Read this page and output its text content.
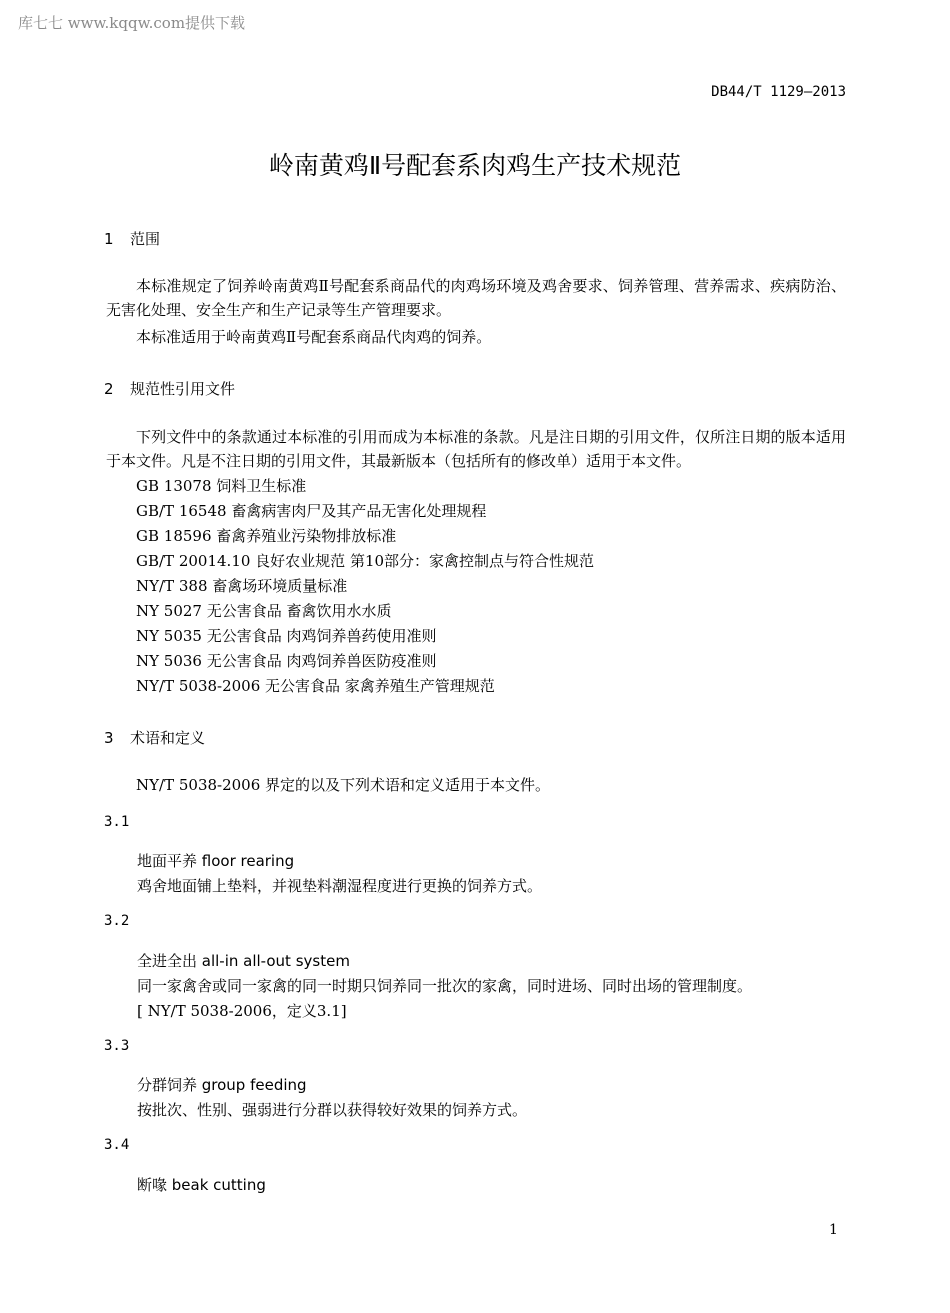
库七七 www.kqqw.com提供下载
DB44/T 1129—2013
岭南黄鸡Ⅱ号配套系肉鸡生产技术规范
1 范围
本标准规定了饲养岭南黄鸡Ⅱ号配套系商品代的肉鸡场环境及鸡舍要求、饲养管理、营养需求、疾病防治、无害化处理、安全生产和生产记录等生产管理要求。
本标准适用于岭南黄鸡Ⅱ号配套系商品代肉鸡的饲养。
2 规范性引用文件
下列文件中的条款通过本标准的引用而成为本标准的条款。凡是注日期的引用文件，仅所注日期的版本适用于本文件。凡是不注日期的引用文件，其最新版本（包括所有的修改单）适用于本文件。
GB 13078 饲料卫生标准
GB/T 16548 畜禽病害肉尸及其产品无害化处理规程
GB 18596 畜禽养殖业污染物排放标准
GB/T 20014.10 良好农业规范 第10部分：家禽控制点与符合性规范
NY/T 388 畜禽场环境质量标准
NY 5027 无公害食品 畜禽饮用水水质
NY 5035 无公害食品 肉鸡饲养兽药使用准则
NY 5036 无公害食品 肉鸡饲养兽医防疫准则
NY/T 5038-2006 无公害食品 家禽养殖生产管理规范
3 术语和定义
NY/T 5038-2006 界定的以及下列术语和定义适用于本文件。
3.1
地面平养 floor rearing
鸡舍地面铺上垫料，并视垫料潮湿程度进行更换的饲养方式。
3.2
全进全出 all-in all-out system
同一家禽舍或同一家禽的同一时期只饲养同一批次的家禽，同时进场、同时出场的管理制度。
[ NY/T 5038-2006，定义3.1]
3.3
分群饲养 group feeding
按批次、性别、强弱进行分群以获得较好效果的饲养方式。
3.4
断喙 beak cutting
1
